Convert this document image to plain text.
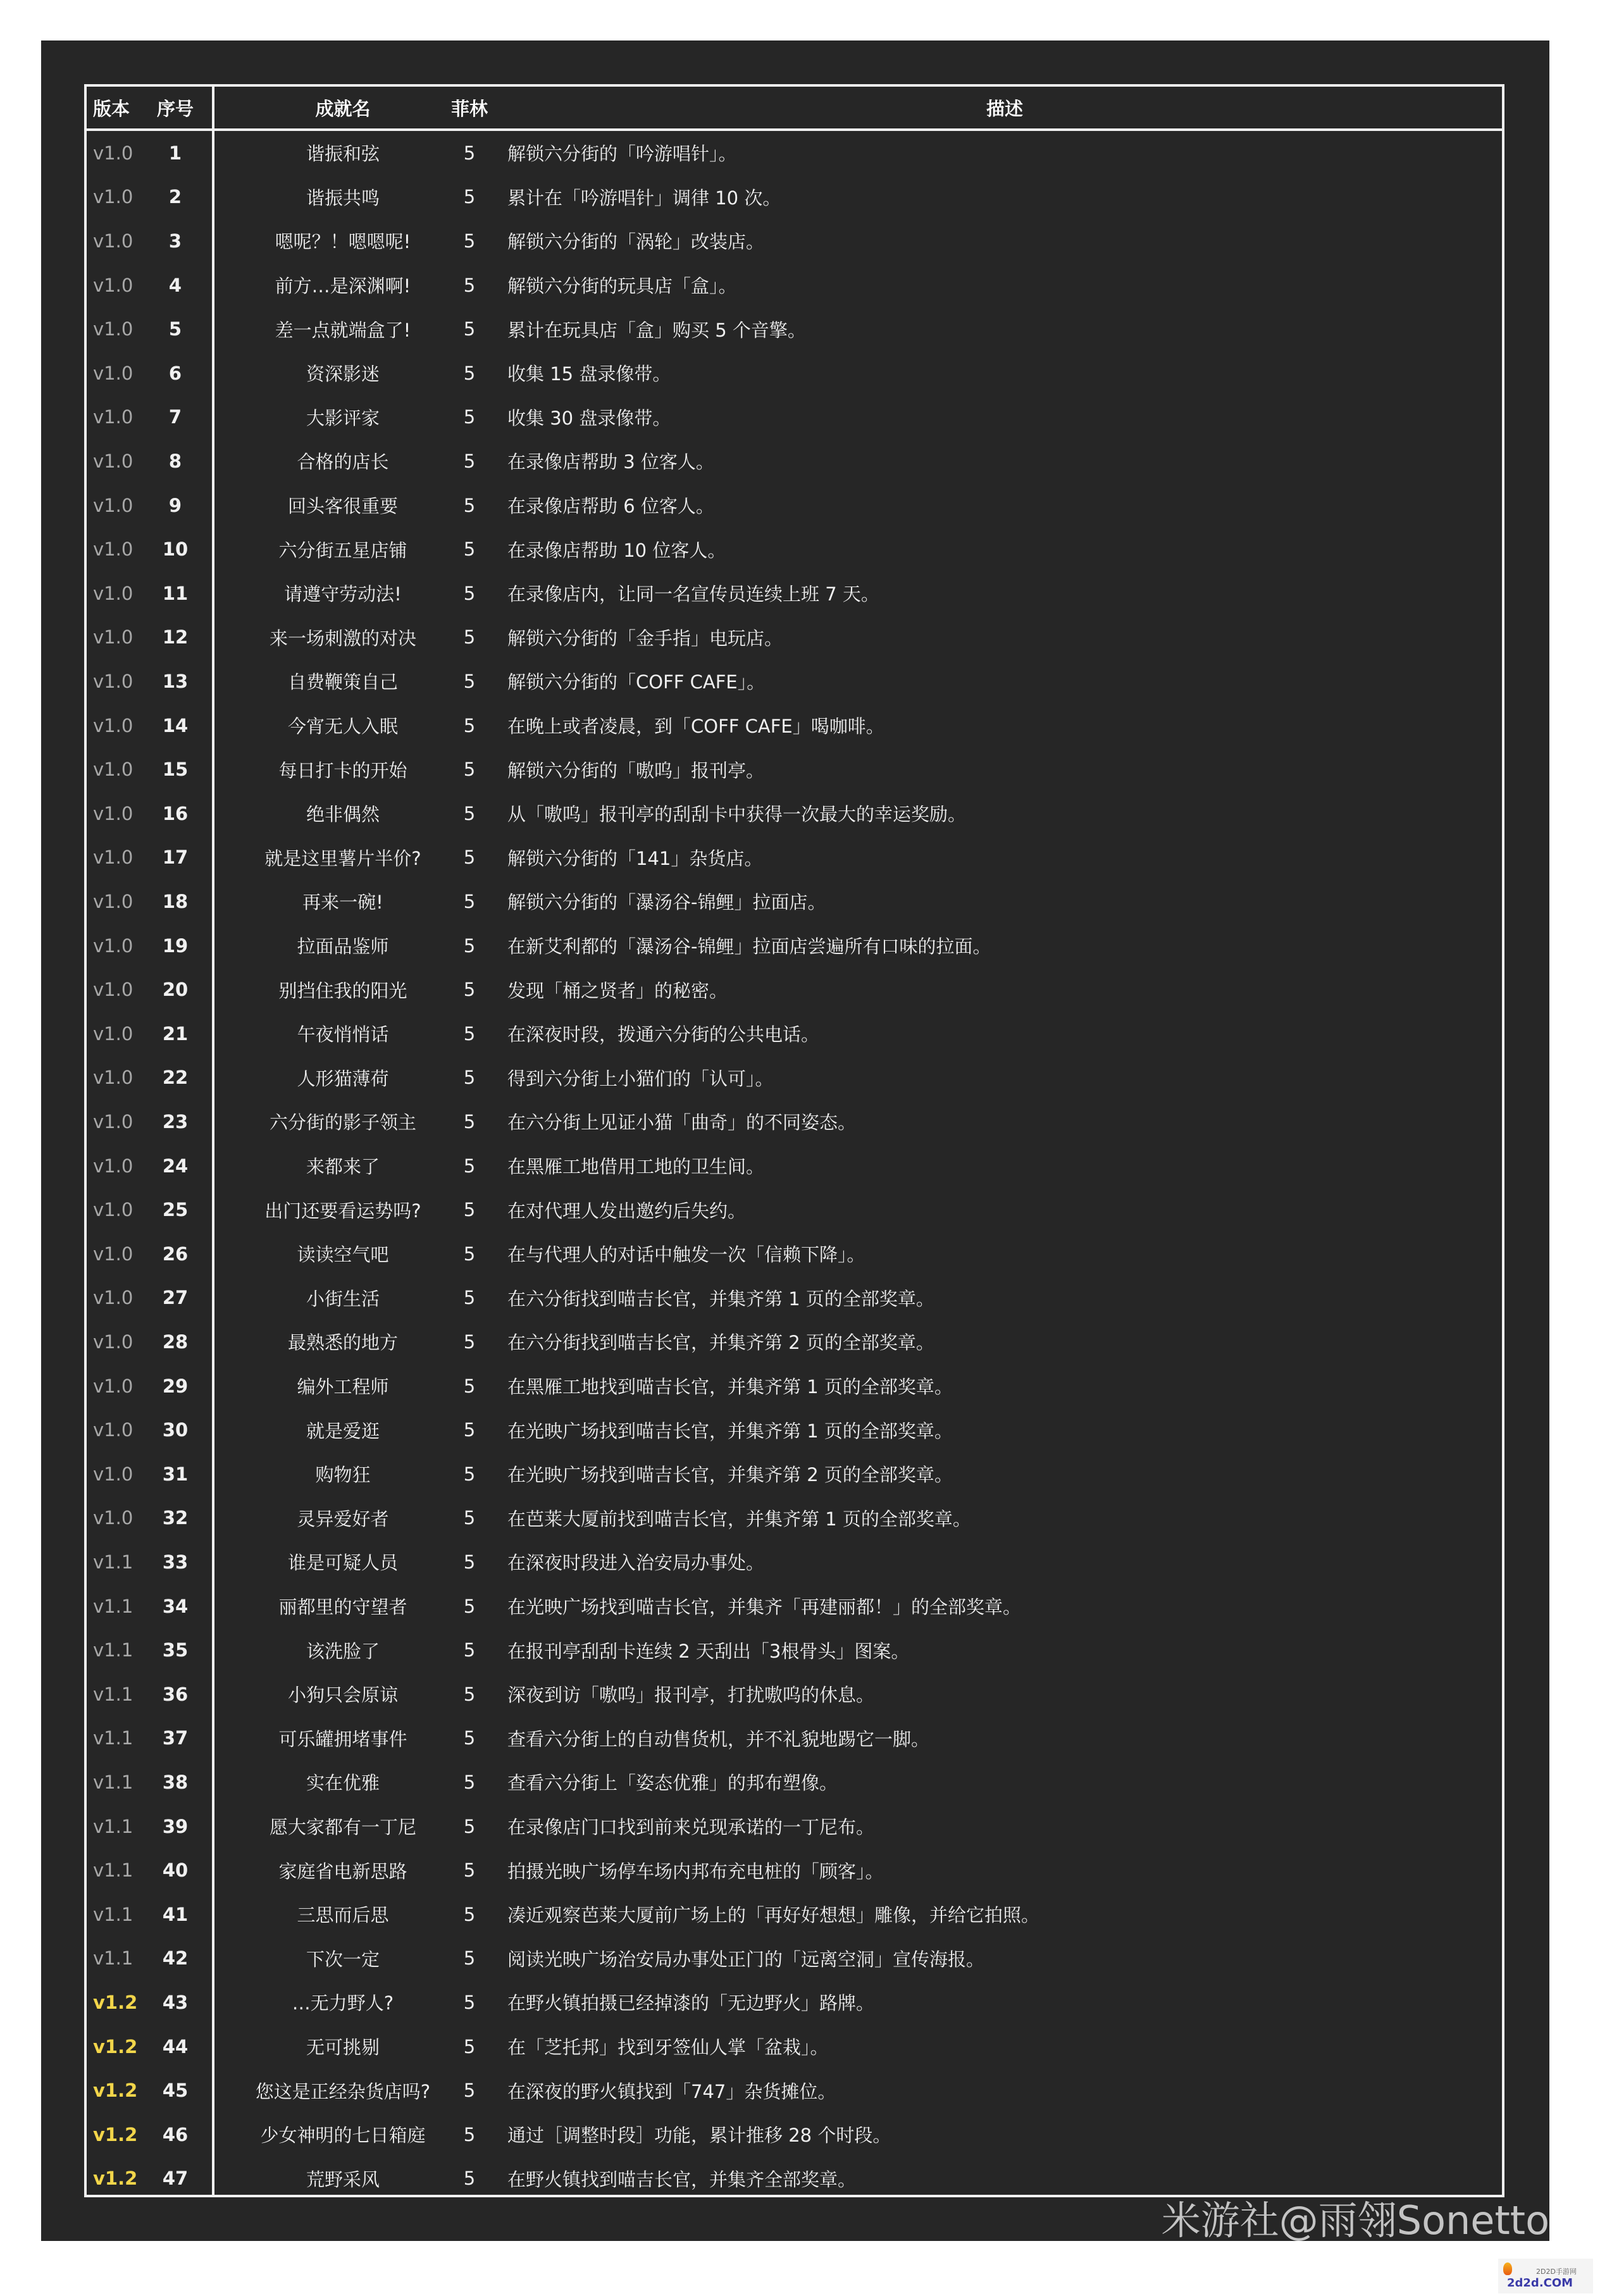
版本	序号	成就名	菲林	描述
v1.0	1	谐振和弦	5	解锁六分街的「吟游唱针」。
v1.0	2	谐振共鸣	5	累计在「吟游唱针」调律 10 次。
v1.0	3	嗯呢？！嗯嗯呢!	5	解锁六分街的「涡轮」改装店。
v1.0	4	前方…是深渊啊!	5	解锁六分街的玩具店「盒」。
v1.0	5	差一点就端盒了!	5	累计在玩具店「盒」购买 5 个音擎。
v1.0	6	资深影迷	5	收集 15 盘录像带。
v1.0	7	大影评家	5	收集 30 盘录像带。
v1.0	8	合格的店长	5	在录像店帮助 3 位客人。
v1.0	9	回头客很重要	5	在录像店帮助 6 位客人。
v1.0	10	六分街五星店铺	5	在录像店帮助 10 位客人。
v1.0	11	请遵守劳动法!	5	在录像店内，让同一名宣传员连续上班 7 天。
v1.0	12	来一场刺激的对决	5	解锁六分街的「金手指」电玩店。
v1.0	13	自费鞭策自己	5	解锁六分街的「COFF CAFE」。
v1.0	14	今宵无人入眠	5	在晚上或者凌晨，到「COFF CAFE」喝咖啡。
v1.0	15	每日打卡的开始	5	解锁六分街的「嗷呜」报刊亭。
v1.0	16	绝非偶然	5	从「嗷呜」报刊亭的刮刮卡中获得一次最大的幸运奖励。
v1.0	17	就是这里薯片半价?	5	解锁六分街的「141」杂货店。
v1.0	18	再来一碗!	5	解锁六分街的「瀑汤谷-锦鲤」拉面店。
v1.0	19	拉面品鉴师	5	在新艾利都的「瀑汤谷-锦鲤」拉面店尝遍所有口味的拉面。
v1.0	20	别挡住我的阳光	5	发现「桶之贤者」的秘密。
v1.0	21	午夜悄悄话	5	在深夜时段，拨通六分街的公共电话。
v1.0	22	人形猫薄荷	5	得到六分街上小猫们的「认可」。
v1.0	23	六分街的影子领主	5	在六分街上见证小猫「曲奇」的不同姿态。
v1.0	24	来都来了	5	在黑雁工地借用工地的卫生间。
v1.0	25	出门还要看运势吗?	5	在对代理人发出邀约后失约。
v1.0	26	读读空气吧	5	在与代理人的对话中触发一次「信赖下降」。
v1.0	27	小街生活	5	在六分街找到喵吉长官，并集齐第 1 页的全部奖章。
v1.0	28	最熟悉的地方	5	在六分街找到喵吉长官，并集齐第 2 页的全部奖章。
v1.0	29	编外工程师	5	在黑雁工地找到喵吉长官，并集齐第 1 页的全部奖章。
v1.0	30	就是爱逛	5	在光映广场找到喵吉长官，并集齐第 1 页的全部奖章。
v1.0	31	购物狂	5	在光映广场找到喵吉长官，并集齐第 2 页的全部奖章。
v1.0	32	灵异爱好者	5	在芭莱大厦前找到喵吉长官，并集齐第 1 页的全部奖章。
v1.1	33	谁是可疑人员	5	在深夜时段进入治安局办事处。
v1.1	34	丽都里的守望者	5	在光映广场找到喵吉长官，并集齐「再建丽都！」的全部奖章。
v1.1	35	该洗脸了	5	在报刊亭刮刮卡连续 2 天刮出「3根骨头」图案。
v1.1	36	小狗只会原谅	5	深夜到访「嗷呜」报刊亭，打扰嗷呜的休息。
v1.1	37	可乐罐拥堵事件	5	查看六分街上的自动售货机，并不礼貌地踢它一脚。
v1.1	38	实在优雅	5	查看六分街上「姿态优雅」的邦布塑像。
v1.1	39	愿大家都有一丁尼	5	在录像店门口找到前来兑现承诺的一丁尼布。
v1.1	40	家庭省电新思路	5	拍摄光映广场停车场内邦布充电桩的「顾客」。
v1.1	41	三思而后思	5	凑近观察芭莱大厦前广场上的「再好好想想」雕像，并给它拍照。
v1.1	42	下次一定	5	阅读光映广场治安局办事处正门的「远离空洞」宣传海报。
v1.2	43	…无力野人?	5	在野火镇拍摄已经掉漆的「无边野火」路牌。
v1.2	44	无可挑剔	5	在「芝托邦」找到牙签仙人掌「盆栽」。
v1.2	45	您这是正经杂货店吗?	5	在深夜的野火镇找到「747」杂货摊位。
v1.2	46	少女神明的七日箱庭	5	通过［调整时段］功能，累计推移 28 个时段。
v1.2	47	荒野采风	5	在野火镇找到喵吉长官，并集齐全部奖章。
米游社@雨翎Sonetto
2D2D手游网
2d2d.COM
